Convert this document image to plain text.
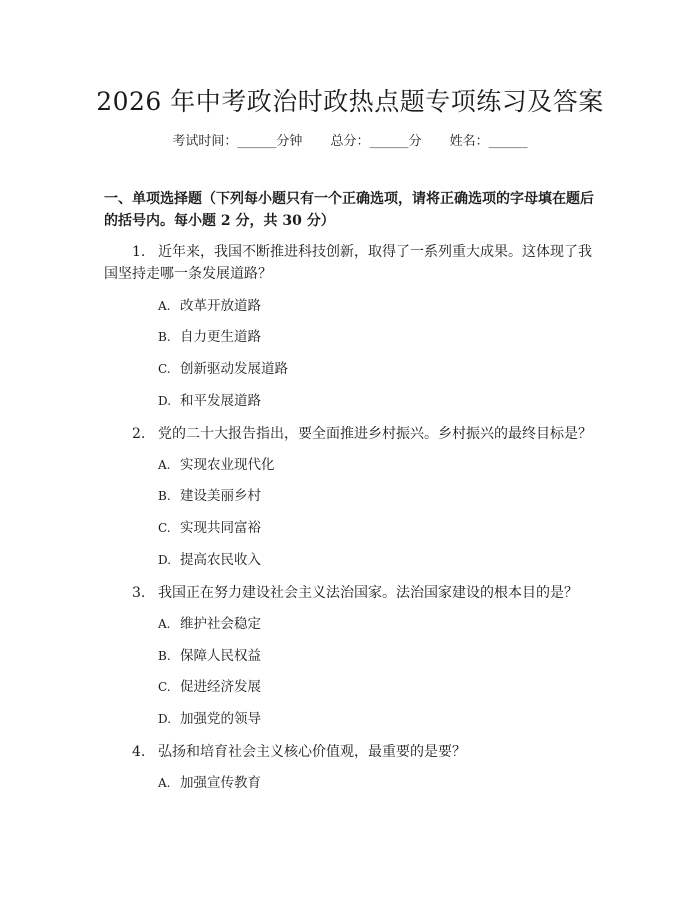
2026 年中考政治时政热点题专项练习及答案
考试时间：______分钟 总分：______分 姓名：______
一、单项选择题（下列每小题只有一个正确选项，请将正确选项的字母填在题后的括号内。每小题 2 分，共 30 分）
1. 近年来，我国不断推进科技创新，取得了一系列重大成果。这体现了我国坚持走哪一条发展道路？
A. 改革开放道路
B. 自力更生道路
C. 创新驱动发展道路
D. 和平发展道路
2. 党的二十大报告指出，要全面推进乡村振兴。乡村振兴的最终目标是？
A. 实现农业现代化
B. 建设美丽乡村
C. 实现共同富裕
D. 提高农民收入
3. 我国正在努力建设社会主义法治国家。法治国家建设的根本目的是？
A. 维护社会稳定
B. 保障人民权益
C. 促进经济发展
D. 加强党的领导
4. 弘扬和培育社会主义核心价值观，最重要的是要？
A. 加强宣传教育
